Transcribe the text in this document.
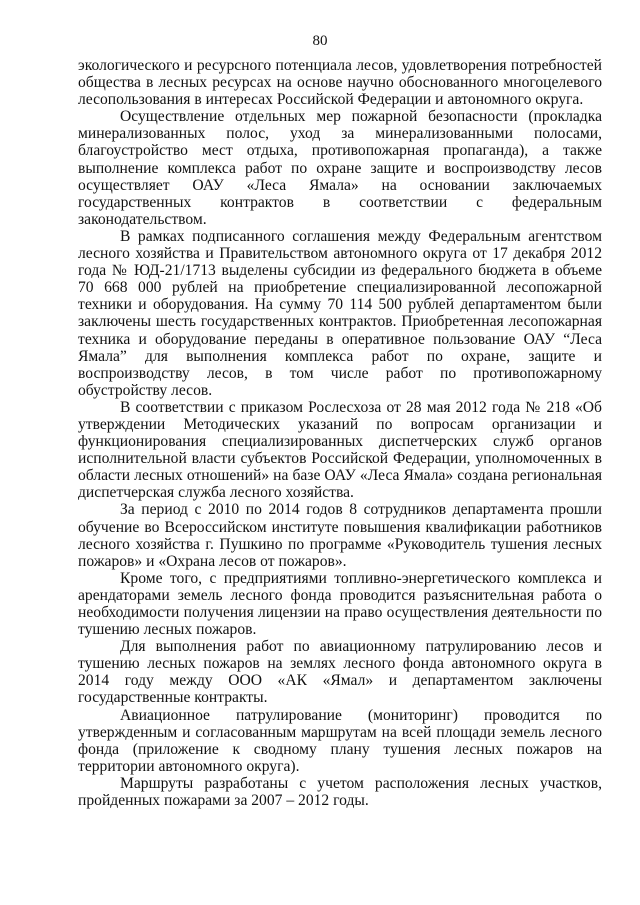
80

экологического и ресурсного потенциала лесов, удовлетворения потребностей общества в лесных ресурсах на основе научно обоснованного многоцелевого лесопользования в интересах Российской Федерации и автономного округа.

Осуществление отдельных мер пожарной безопасности (прокладка минерализованных полос, уход за минерализованными полосами, благоустройство мест отдыха, противопожарная пропаганда), а также выполнение комплекса работ по охране защите и воспроизводству лесов осуществляет ОАУ «Леса Ямала» на основании заключаемых государственных контрактов в соответствии с федеральным законодательством.

В рамках подписанного соглашения между Федеральным агентством лесного хозяйства и Правительством автономного округа от 17 декабря 2012 года № ЮД-21/1713 выделены субсидии из федерального бюджета в объеме 70 668 000 рублей на приобретение специализированной лесопожарной техники и оборудования. На сумму 70 114 500 рублей департаментом были заключены шесть государственных контрактов. Приобретенная лесопожарная техника и оборудование переданы в оперативное пользование ОАУ “Леса Ямала” для выполнения комплекса работ по охране, защите и воспроизводству лесов, в том числе работ по противопожарному обустройству лесов.

В соответствии с приказом Рослесхоза от 28 мая 2012 года № 218 «Об утверждении Методических указаний по вопросам организации и функционирования специализированных диспетчерских служб органов исполнительной власти субъектов Российской Федерации, уполномоченных в области лесных отношений» на базе ОАУ «Леса Ямала» создана региональная диспетчерская служба лесного хозяйства.

За период с 2010 по 2014 годов 8 сотрудников департамента прошли обучение во Всероссийском институте повышения квалификации работников лесного хозяйства г. Пушкино по программе «Руководитель тушения лесных пожаров» и «Охрана лесов от пожаров».

Кроме того, с предприятиями топливно-энергетического комплекса и арендаторами земель лесного фонда проводится разъяснительная работа о необходимости получения лицензии на право осуществления деятельности по тушению лесных пожаров.

Для выполнения работ по авиационному патрулированию лесов и тушению лесных пожаров на землях лесного фонда автономного округа в 2014 году между ООО «АК «Ямал» и департаментом заключены государственные контракты.

Авиационное патрулирование (мониторинг) проводится по утвержденным и согласованным маршрутам на всей площади земель лесного фонда (приложение к сводному плану тушения лесных пожаров на территории автономного округа).

Маршруты разработаны с учетом расположения лесных участков, пройденных пожарами за 2007 – 2012 годы.
